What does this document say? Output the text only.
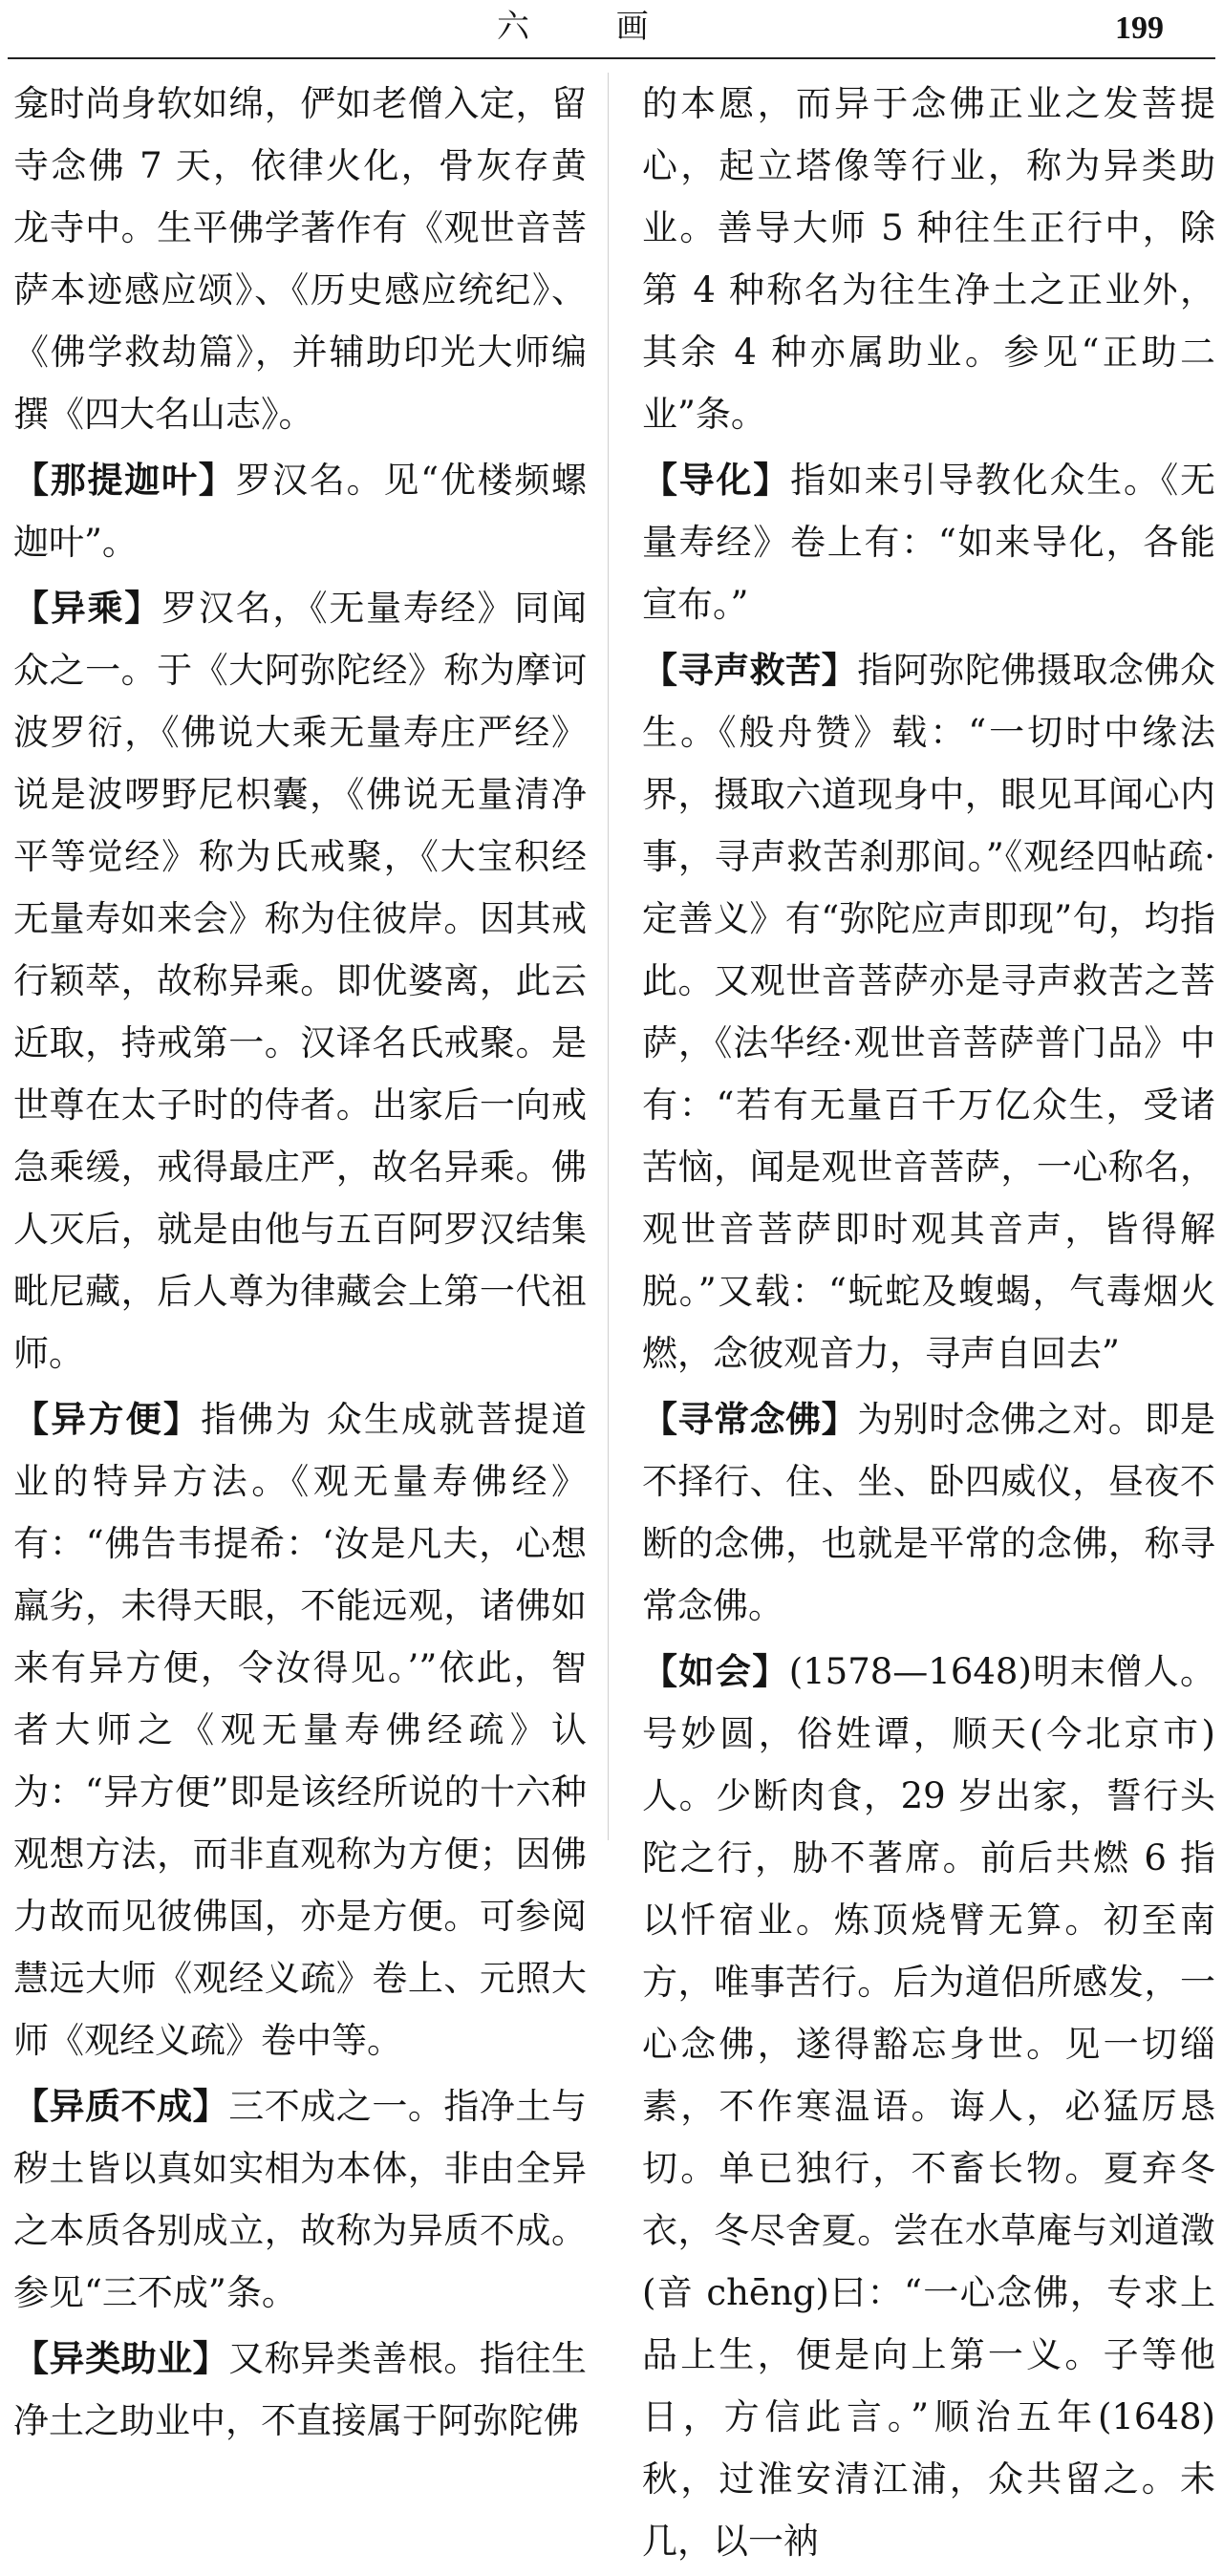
六 画	199

龛时尚身软如绵，俨如老僧入定，留寺念佛 7 天，依律火化，骨灰存黄龙寺中。生平佛学著作有《观世音菩萨本迹感应颂》、《历史感应统纪》、《佛学救劫篇》，并辅助印光大师编撰《四大名山志》。

【那提迦叶】罗汉名。见“优楼频螺迦叶”。

【异乘】罗汉名，《无量寿经》同闻众之一。于《大阿弥陀经》称为摩诃波罗衍，《佛说大乘无量寿庄严经》说是波啰野尼枳囊，《佛说无量清净平等觉经》称为氏戒聚，《大宝积经无量寿如来会》称为住彼岸。因其戒行颖萃，故称异乘。即优婆离，此云近取，持戒第一。汉译名氏戒聚。是世尊在太子时的侍者。出家后一向戒急乘缓，戒得最庄严，故名异乘。佛人灭后，就是由他与五百阿罗汉结集毗尼藏，后人尊为律藏会上第一代祖师。

【异方便】指佛为 众生成就菩提道业的特异方法。《观无量寿佛经》有：“佛告韦提希：‘汝是凡夫，心想羸劣，未得天眼，不能远观，诸佛如来有异方便，令汝得见。’”依此，智者大师之《观无量寿佛经疏》认为：“异方便”即是该经所说的十六种观想方法，而非直观称为方便；因佛力故而见彼佛国，亦是方便。可参阅慧远大师《观经义疏》卷上、元照大师《观经义疏》卷中等。

【异质不成】三不成之一。指净土与秽土皆以真如实相为本体，非由全异之本质各别成立，故称为异质不成。参见“三不成”条。

【异类助业】又称异类善根。指往生净土之助业中，不直接属于阿弥陀佛

的本愿，而异于念佛正业之发菩提心，起立塔像等行业，称为异类助业。善导大师 5 种往生正行中，除第 4 种称名为往生净土之正业外，其余 4 种亦属助业。参见“正助二业”条。

【导化】指如来引导教化众生。《无量寿经》卷上有：“如来导化，各能宣布。”

【寻声救苦】指阿弥陀佛摄取念佛众生。《般舟赞》载：“一切时中缘法界，摄取六道现身中，眼见耳闻心内事，寻声救苦刹那间。”《观经四帖疏·定善义》有“弥陀应声即现”句，均指此。又观世音菩萨亦是寻声救苦之菩萨，《法华经·观世音菩萨普门品》中有：“若有无量百千万亿众生，受诸苦恼，闻是观世音菩萨，一心称名，观世音菩萨即时观其音声，皆得解脱。”又载：“蚖蛇及蝮蝎，气毒烟火燃，念彼观音力，寻声自回去”

【寻常念佛】为别时念佛之对。即是不择行、住、坐、卧四威仪，昼夜不断的念佛，也就是平常的念佛，称寻常念佛。

【如会】(1578—1648)明末僧人。号妙圆，俗姓谭，顺天(今北京市)人。少断肉食，29 岁出家，誓行头陀之行，胁不著席。前后共燃 6 指以忏宿业。炼顶烧臂无算。初至南方，唯事苦行。后为道侣所感发，一心念佛，遂得豁忘身世。见一切缁素，不作寒温语。诲人，必猛厉恳切。单已独行，不畜长物。夏弃冬衣，冬尽舍夏。尝在水草庵与刘道澂(音 chēng)曰：“一心念佛，专求上品上生，便是向上第一义。子等他日，方信此言。”顺治五年(1648)秋，过淮安清江浦，众共留之。未几，以一衲
